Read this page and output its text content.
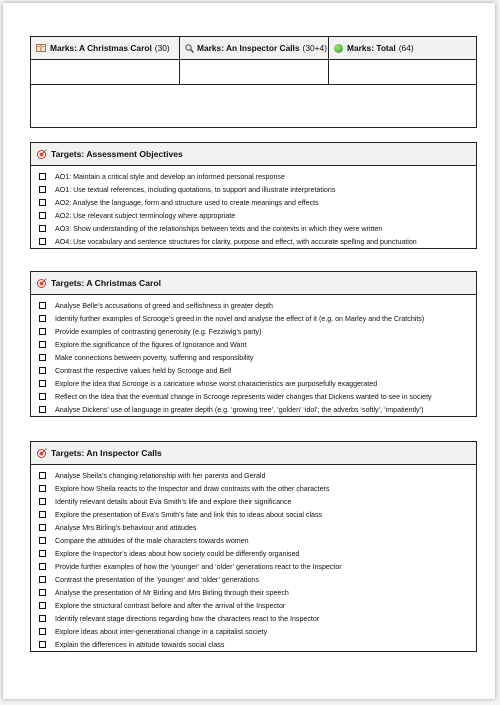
Marks: A Christmas Carol (30)	Marks: An Inspector Calls (30+4) Marks: Total (64)
Targets: Assessment Objectives
AO1: Maintain a critical style and develop an informed personal response
AO1: Use textual references, including quotations, to support and illustrate interpretations
AO2: Analyse the language, form and structure used to create meanings and effects
AO2: Use relevant subject terminology where appropriate
AO3: Show understanding of the relationships between texts and the contexts in which they were written
AO4: Use vocabulary and sentence structures for clarity, purpose and effect, with accurate spelling and punctuation
Targets: A Christmas Carol
Analyse Belle’s accusations of greed and selfishness in greater depth
Identify further examples of Scrooge’s greed in the novel and analyse the effect of it (e.g. on Marley and the Cratchits)
Provide examples of contrasting generosity (e.g. Fezziwig’s party)
Explore the significance of the figures of Ignorance and Want
Make connections between poverty, suffering and responsibility
Contrast the respective values held by Scrooge and Bell
Explore the idea that Scrooge is a caricature whose worst characteristics are purposefully exaggerated
Reflect on the idea that the eventual change in Scrooge represents wider changes that Dickens wanted to see in society
Analyse Dickens’ use of language in greater depth (e.g. ‘growing tree’, ‘golden’ ‘idol’; the adverbs ‘softly’, ‘impatiently’)
Targets: An Inspector Calls
Analyse Sheila’s changing relationship with her parents and Gerald
Explore how Sheila reacts to the Inspector and draw contrasts with the other characters
Identify relevant details about Eva Smith’s life and explore their significance
Explore the presentation of Eva’s Smith’s fate and link this to ideas about social class
Analyse Mrs Birling’s behaviour and attitudes
Compare the attitudes of the male characters towards women
Explore the Inspector’s ideas about how society could be differently organised
Provide further examples of how the ‘younger’ and ‘older’ generations react to the Inspector
Contrast the presentation of the ‘younger’ and ‘older’ generations
Analyse the presentation of Mr Birling and Mrs Birling through their speech
Explore the structural contrast before and after the arrival of the Inspector
Identify relevant stage directions regarding how the characters react to the Inspector
Explore ideas about inter-generational change in a capitalist society
Explain the differences in attitude towards social class
